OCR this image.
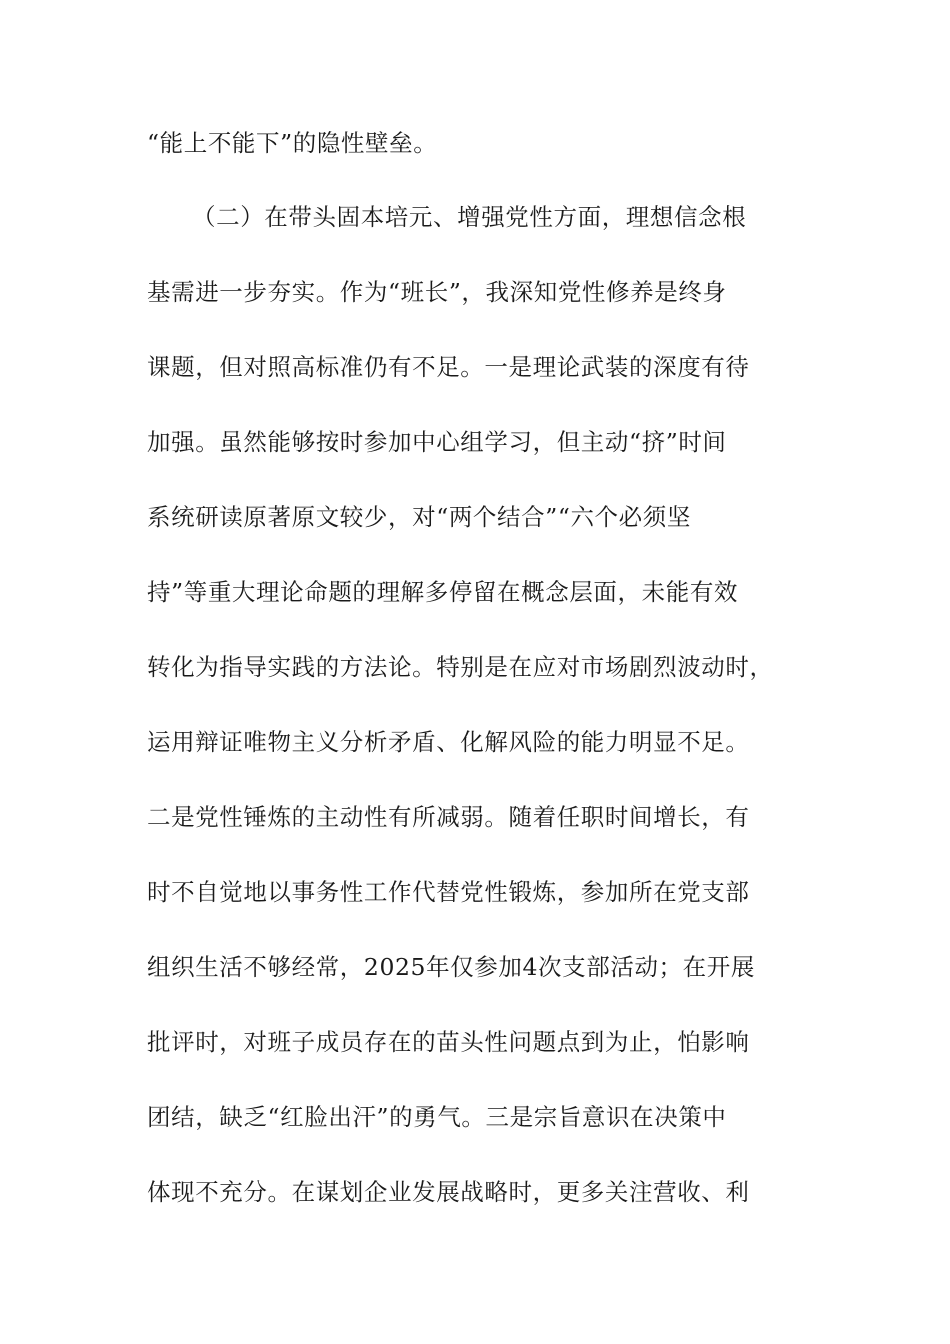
“能上不能下”的隐性壁垒。
（二）在带头固本培元、增强党性方面，理想信念根
基需进一步夯实。作为“班长”，我深知党性修养是终身
课题，但对照高标准仍有不足。一是理论武装的深度有待
加强。虽然能够按时参加中心组学习，但主动“挤”时间
系统研读原著原文较少，对“两个结合”“六个必须坚
持”等重大理论命题的理解多停留在概念层面，未能有效
转化为指导实践的方法论。特别是在应对市场剧烈波动时，
运用辩证唯物主义分析矛盾、化解风险的能力明显不足。
二是党性锤炼的主动性有所减弱。随着任职时间增长，有
时不自觉地以事务性工作代替党性锻炼，参加所在党支部
组织生活不够经常，2025年仅参加4次支部活动；在开展
批评时，对班子成员存在的苗头性问题点到为止，怕影响
团结，缺乏“红脸出汗”的勇气。三是宗旨意识在决策中
体现不充分。在谋划企业发展战略时，更多关注营收、利
